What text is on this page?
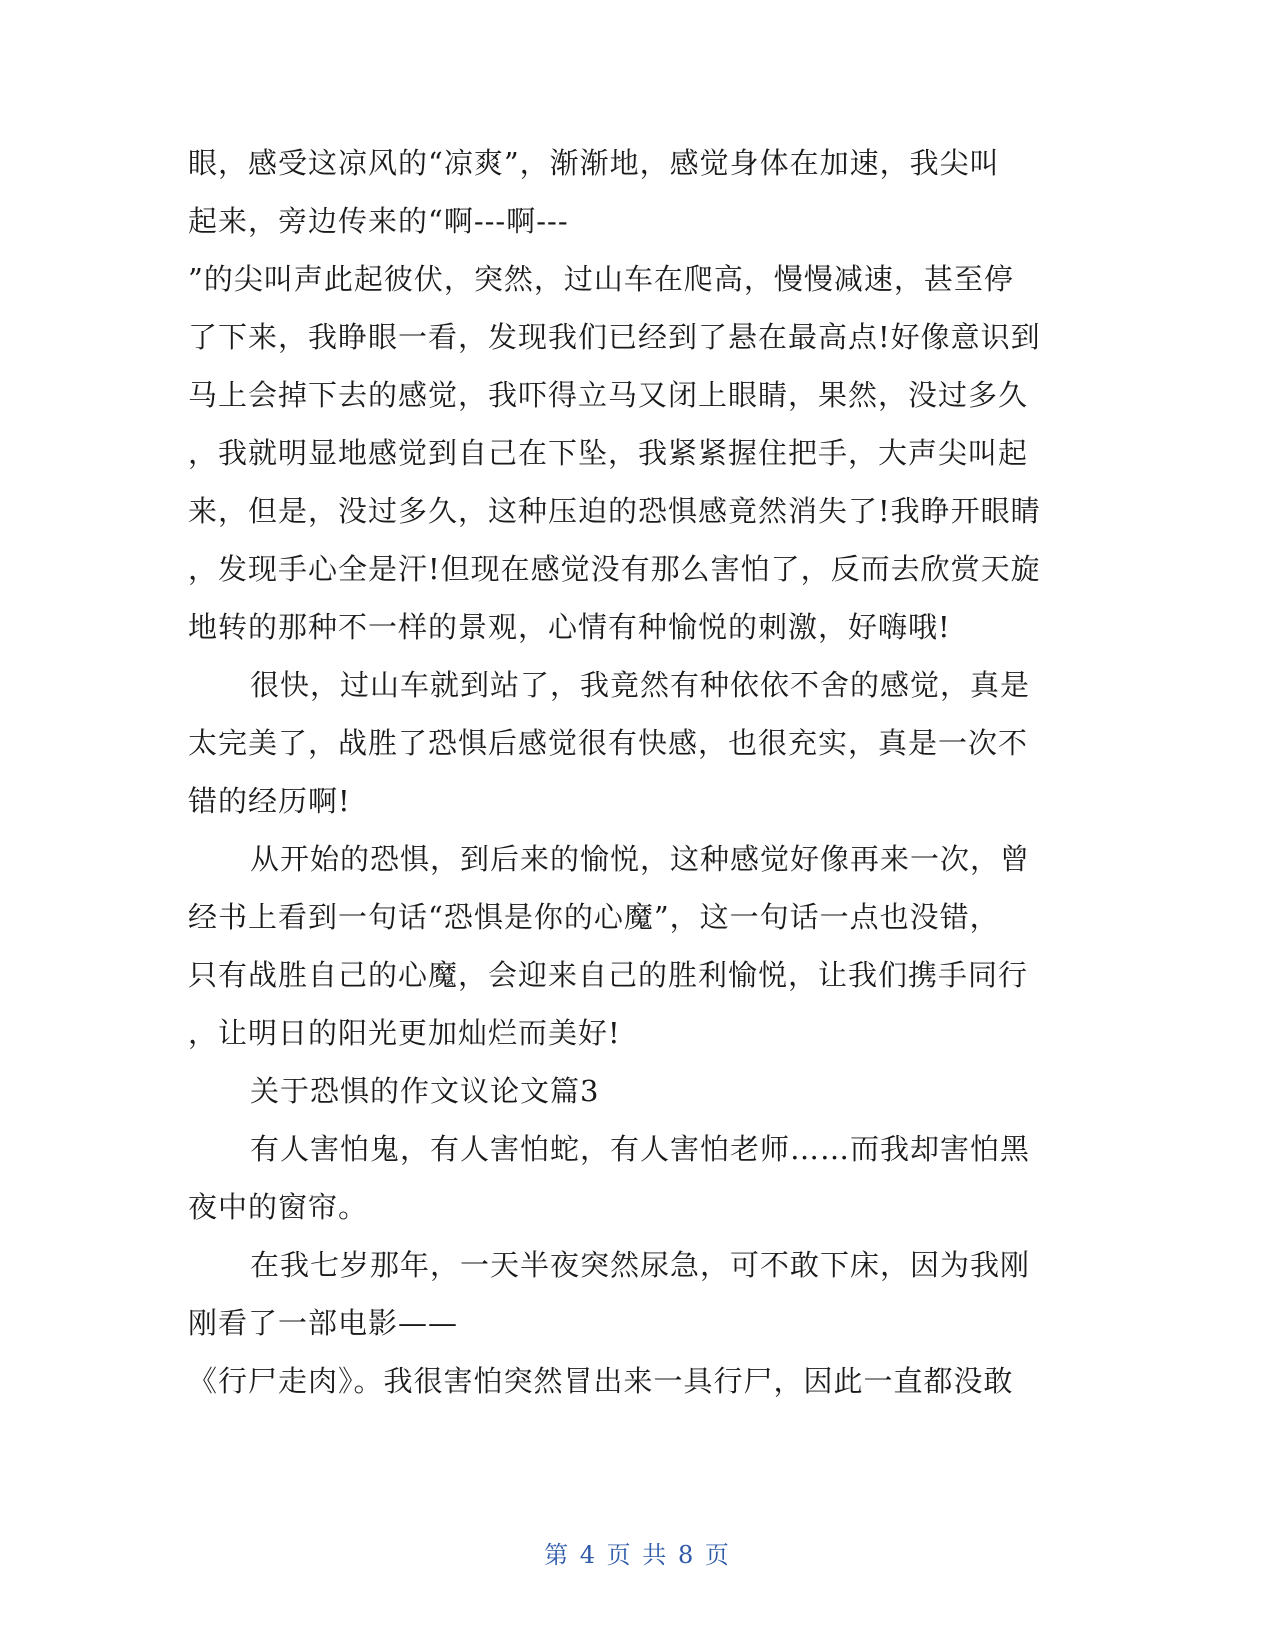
眼，感受这凉风的“凉爽”，渐渐地，感觉身体在加速，我尖叫
起来，旁边传来的“啊---啊---
”的尖叫声此起彼伏，突然，过山车在爬高，慢慢减速，甚至停
了下来，我睁眼一看，发现我们已经到了悬在最高点!好像意识到
马上会掉下去的感觉，我吓得立马又闭上眼睛，果然，没过多久
，我就明显地感觉到自己在下坠，我紧紧握住把手，大声尖叫起
来，但是，没过多久，这种压迫的恐惧感竟然消失了!我睁开眼睛
，发现手心全是汗!但现在感觉没有那么害怕了，反而去欣赏天旋
地转的那种不一样的景观，心情有种愉悦的刺激，好嗨哦!
很快，过山车就到站了，我竟然有种依依不舍的感觉，真是
太完美了，战胜了恐惧后感觉很有快感，也很充实，真是一次不
错的经历啊!
从开始的恐惧，到后来的愉悦，这种感觉好像再来一次，曾
经书上看到一句话“恐惧是你的心魔”，这一句话一点也没错，
只有战胜自己的心魔，会迎来自己的胜利愉悦，让我们携手同行
，让明日的阳光更加灿烂而美好!
关于恐惧的作文议论文篇3
有人害怕鬼，有人害怕蛇，有人害怕老师……而我却害怕黑
夜中的窗帘。
在我七岁那年，一天半夜突然尿急，可不敢下床，因为我刚
刚看了一部电影——
《行尸走肉》。我很害怕突然冒出来一具行尸，因此一直都没敢
第 4 页 共 8 页
